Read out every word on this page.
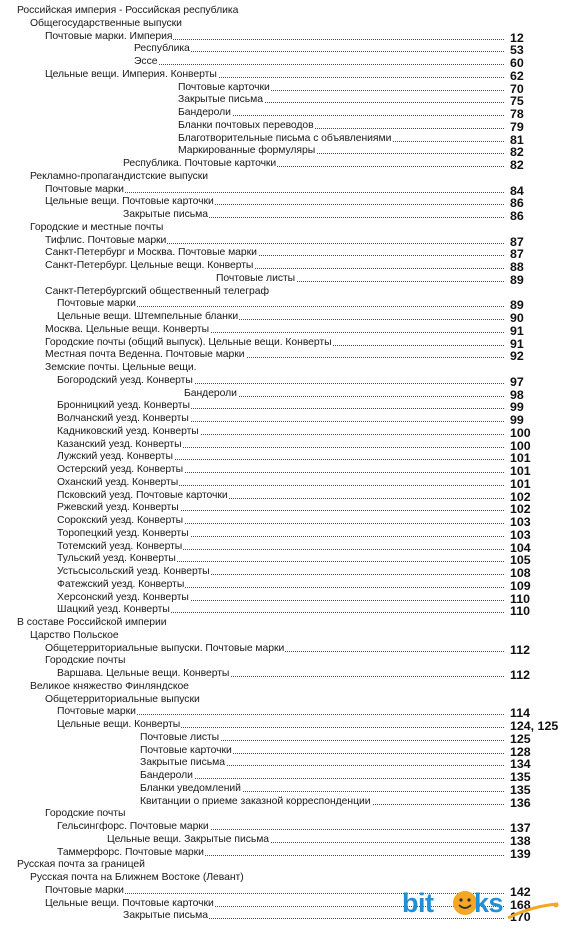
Российская империя - Российская республика
Общегосударственные выпуски
Почтовые марки. Империя	12
Республика	53
Эссе	60
Цельные вещи. Империя. Конверты	62
Почтовые карточки	70
Закрытые письма	75
Бандероли	78
Бланки почтовых переводов	79
Благотворительные письма с объявлениями	81
Маркированные формуляры	82
Республика. Почтовые карточки	82
Рекламно-пропагандистские выпуски
Почтовые марки	84
Цельные вещи. Почтовые карточки	86
Закрытые письма	86
Городские и местные почты
Тифлис. Почтовые марки	87
Санкт-Петербург и Москва. Почтовые марки	87
Санкт-Петербург. Цельные вещи. Конверты	88
Почтовые листы	89
Санкт-Петербургский общественный телеграф
Почтовые марки	89
Цельные вещи. Штемпельные бланки	90
Москва. Цельные вещи. Конверты	91
Городские почты (общий выпуск). Цельные вещи. Конверты	91
Местная почта Веденна. Почтовые марки	92
Земские почты. Цельные вещи.
Богородский уезд. Конверты	97
Бандероли	98
Бронницкий уезд. Конверты	99
Волчанский уезд. Конверты	99
Кадниковский уезд. Конверты	100
Казанский уезд. Конверты	100
Лужский уезд. Конверты	101
Остерский уезд. Конверты	101
Оханский уезд. Конверты	101
Псковский уезд. Почтовые карточки	102
Ржевский уезд. Конверты	102
Сорокский уезд. Конверты	103
Торопецкий уезд. Конверты	103
Тотемский уезд. Конверты	104
Тульский уезд. Конверты	105
Устьсысольский уезд. Конверты	108
Фатежский уезд. Конверты	109
Херсонский уезд. Конверты	110
Шацкий уезд. Конверты	110
В составе Российской империи
Царство Польское
Общетерриториальные выпуски. Почтовые марки	112
Городские почты
Варшава. Цельные вещи. Конверты	112
Великое княжество Финляндское
Общетерриториальные выпуски
Почтовые марки	114
Цельные вещи. Конверты	124, 125
Почтовые листы	125
Почтовые карточки	128
Закрытые письма	134
Бандероли	135
Бланки уведомлений	135
Квитанции о приеме заказной корреспонденции	136
Городские почты
Гельсингфорс. Почтовые марки	137
Цельные вещи. Закрытые письма	138
Таммерфорс. Почтовые марки	139
Русская почта за границей
Русская почта на Ближнем Востоке (Левант)
Почтовые марки	142
Цельные вещи. Почтовые карточки	168
Закрытые письма	170
bit ks
